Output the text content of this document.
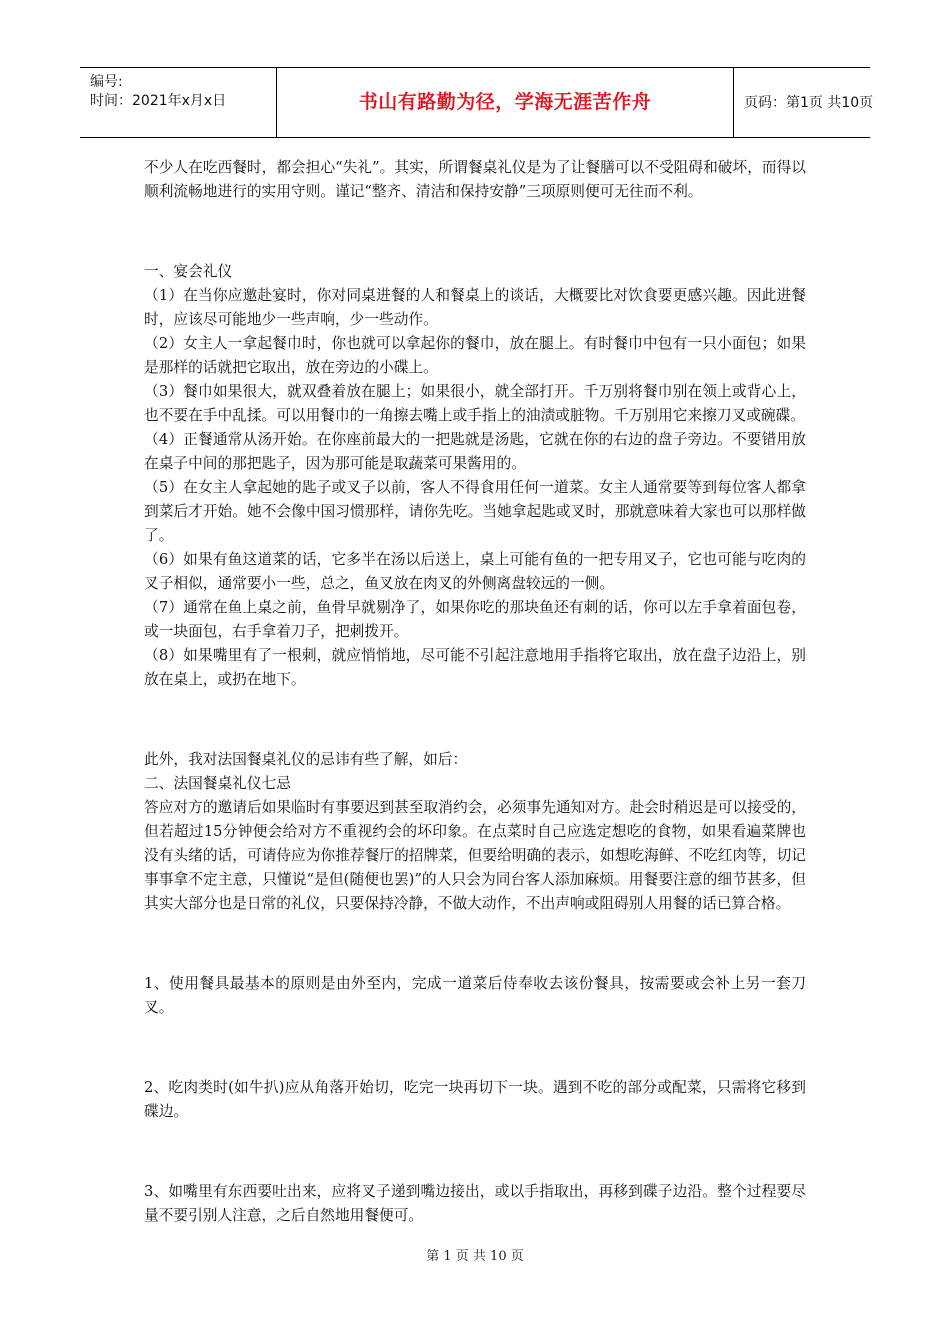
编号:
时间：2021年x月x日	书山有路勤为径，学海无涯苦作舟	页码：第1页 共10页

不少人在吃西餐时，都会担心“失礼”。其实，所谓餐桌礼仪是为了让餐膳可以不受阻碍和破坏，而得以顺利流畅地进行的实用守则。谨记“整齐、清洁和保持安静”三项原则便可无往而不利。

一、宴会礼仪

（1）在当你应邀赴宴时，你对同桌进餐的人和餐桌上的谈话，大概要比对饮食要更感兴趣。因此进餐时，应该尽可能地少一些声响，少一些动作。

（2）女主人一拿起餐巾时，你也就可以拿起你的餐巾，放在腿上。有时餐巾中包有一只小面包；如果是那样的话就把它取出，放在旁边的小碟上。

（3）餐巾如果很大，就双叠着放在腿上；如果很小，就全部打开。千万别将餐巾别在领上或背心上，也不要在手中乱揉。可以用餐巾的一角擦去嘴上或手指上的油渍或脏物。千万别用它来擦刀叉或碗碟。

（4）正餐通常从汤开始。在你座前最大的一把匙就是汤匙，它就在你的右边的盘子旁边。不要错用放在桌子中间的那把匙子，因为那可能是取蔬菜可果酱用的。

（5）在女主人拿起她的匙子或叉子以前，客人不得食用任何一道菜。女主人通常要等到每位客人都拿到菜后才开始。她不会像中国习惯那样，请你先吃。当她拿起匙或叉时，那就意味着大家也可以那样做了。

（6）如果有鱼这道菜的话，它多半在汤以后送上，桌上可能有鱼的一把专用叉子，它也可能与吃肉的叉子相似，通常要小一些，总之，鱼叉放在肉叉的外侧离盘较远的一侧。

（7）通常在鱼上桌之前，鱼骨早就剔净了，如果你吃的那块鱼还有刺的话，你可以左手拿着面包卷，或一块面包，右手拿着刀子，把刺拨开。

（8）如果嘴里有了一根刺，就应悄悄地，尽可能不引起注意地用手指将它取出，放在盘子边沿上，别放在桌上，或扔在地下。

此外，我对法国餐桌礼仪的忌讳有些了解，如后：

二、法国餐桌礼仪七忌

答应对方的邀请后如果临时有事要迟到甚至取消约会，必须事先通知对方。赴会时稍迟是可以接受的，但若超过15分钟便会给对方不重视约会的坏印象。在点菜时自己应选定想吃的食物，如果看遍菜牌也没有头绪的话，可请侍应为你推荐餐厅的招牌菜，但要给明确的表示，如想吃海鲜、不吃红肉等，切记事事拿不定主意，只懂说“是但(随便也罢)”的人只会为同台客人添加麻烦。用餐要注意的细节甚多，但其实大部分也是日常的礼仪，只要保持冷静，不做大动作，不出声响或阻碍别人用餐的话已算合格。

1、使用餐具最基本的原则是由外至内，完成一道菜后侍奉收去该份餐具，按需要或会补上另一套刀叉。

2、吃肉类时(如牛扒)应从角落开始切，吃完一块再切下一块。遇到不吃的部分或配菜，只需将它移到碟边。

3、如嘴里有东西要吐出来，应将叉子递到嘴边接出，或以手指取出，再移到碟子边沿。整个过程要尽量不要引别人注意，之后自然地用餐便可。

第 1 页 共 10 页
